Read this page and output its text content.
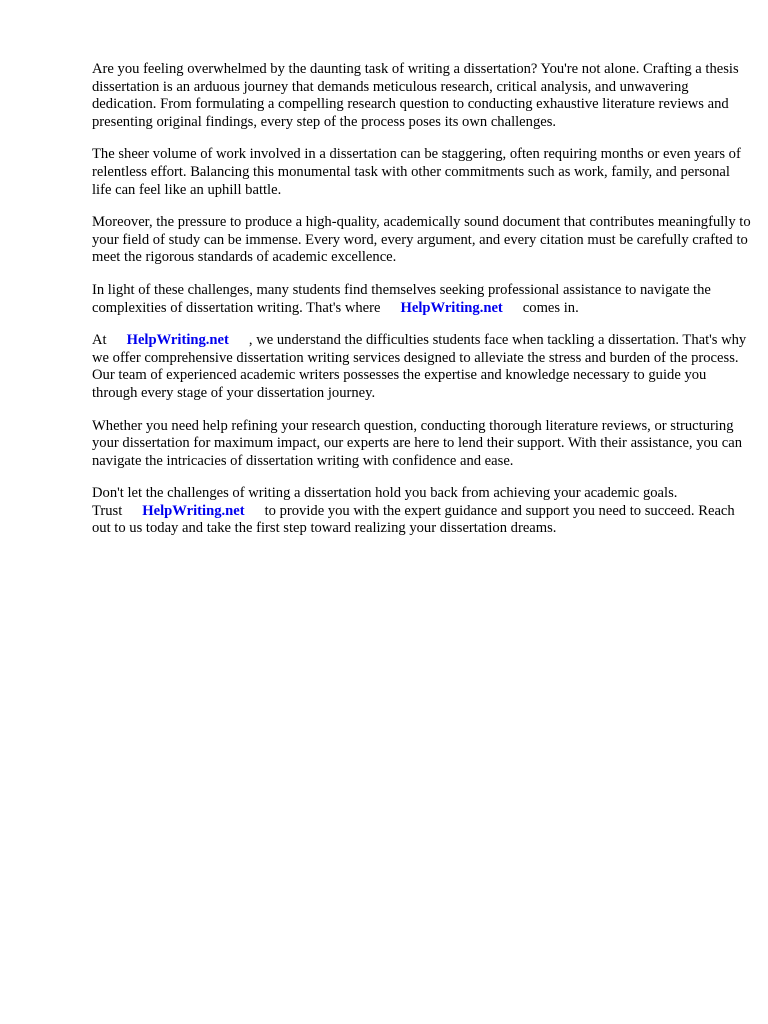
Are you feeling overwhelmed by the daunting task of writing a dissertation? You're not alone. Crafting a thesis dissertation is an arduous journey that demands meticulous research, critical analysis, and unwavering dedication. From formulating a compelling research question to conducting exhaustive literature reviews and presenting original findings, every step of the process poses its own challenges.

The sheer volume of work involved in a dissertation can be staggering, often requiring months or even years of relentless effort. Balancing this monumental task with other commitments such as work, family, and personal life can feel like an uphill battle.

Moreover, the pressure to produce a high-quality, academically sound document that contributes meaningfully to your field of study can be immense. Every word, every argument, and every citation must be carefully crafted to meet the rigorous standards of academic excellence.

In light of these challenges, many students find themselves seeking professional assistance to navigate the complexities of dissertation writing. That's where HelpWriting.net comes in.

At HelpWriting.net , we understand the difficulties students face when tackling a dissertation. That's why we offer comprehensive dissertation writing services designed to alleviate the stress and burden of the process. Our team of experienced academic writers possesses the expertise and knowledge necessary to guide you through every stage of your dissertation journey.

Whether you need help refining your research question, conducting thorough literature reviews, or structuring your dissertation for maximum impact, our experts are here to lend their support. With their assistance, you can navigate the intricacies of dissertation writing with confidence and ease.

Don't let the challenges of writing a dissertation hold you back from achieving your academic goals. Trust HelpWriting.net to provide you with the expert guidance and support you need to succeed. Reach out to us today and take the first step toward realizing your dissertation dreams.
